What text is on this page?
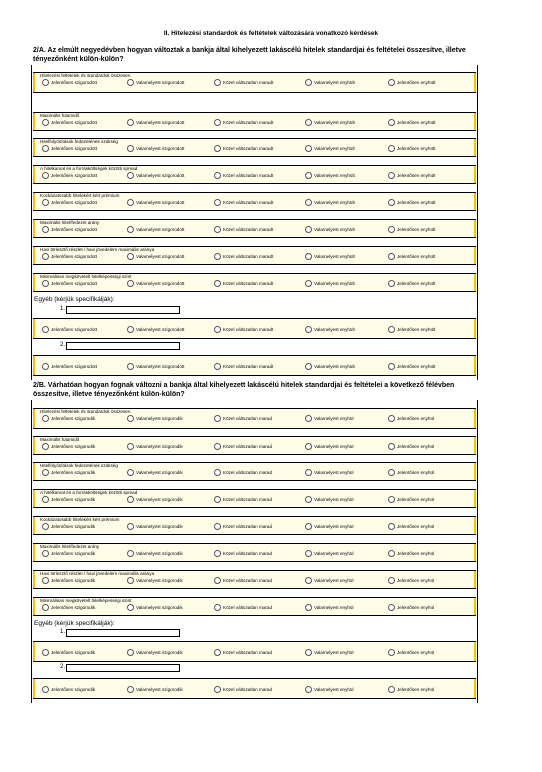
II. Hitelezési standardok és feltételek változására vonatkozó kérdések
2/A. Az elmúlt negyedévben hogyan változtak a bankja által kihelyezett lakáscélú hitelek standardjai és feltételei összesítve, illetve tényezőnként külön-külön?
Hitelezési feltételek és standardok összesen
Jelentősen szigorodott	Valamelyest szigorodott	Közel változatlan maradt	Valamelyest enyhült	Jelentősen enyhült
Maximális futamidő
Jelentősen szigorodott	Valamelyest szigorodott	Közel változatlan maradt	Valamelyest enyhült	Jelentősen enyhült
Hitelfolyósítások fedezetének szükség
Jelentősen szigorodott	Valamelyest szigorodott	Közel változatlan maradt	Valamelyest enyhült	Jelentősen enyhült
A hitelkamat és a forrásköltségek közötti spread
Jelentősen szigorodott	Valamelyest szigorodott	Közel változatlan maradt	Valamelyest enyhült	Jelentősen enyhült
Kockázatosabb hitelekért kért prémium
Jelentősen szigorodott	Valamelyest szigorodott	Közel változatlan maradt	Valamelyest enyhült	Jelentősen enyhült
Maximális hitel/fedezet arány
Jelentősen szigorodott	Valamelyest szigorodott	Közel változatlan maradt	Valamelyest enyhült	Jelentősen enyhült
Havi törlesztő részlet / havi jövedelem maximális aránya
Jelentősen szigorodott	Valamelyest szigorodott	Közel változatlan maradt	Valamelyest enyhült	Jelentősen enyhült
Minimálisan megkövetelt hitelképességi szint
Jelentősen szigorodott	Valamelyest szigorodott	Közel változatlan maradt	Valamelyest enyhült	Jelentősen enyhült
Egyéb (kérjük specifikálják):
1.
Jelentősen szigorodott	Valamelyest szigorodott	Közel változatlan maradt	Valamelyest enyhült	Jelentősen enyhült
2.
Jelentősen szigorodott	Valamelyest szigorodott	Közel változatlan maradt	Valamelyest enyhült	Jelentősen enyhült
2/B. Várhatóan hogyan fognak változni a bankja által kihelyezett lakáscélú hitelek standardjai és feltételei a következő félévben összesítve, illetve tényezőnként külön-külön?
Hitelezési feltételek és standardok összesen
Jelentősen szigorodik	Valamelyest szigorodik	Közel változatlan marad	Valamelyest enyhül	Jelentősen enyhül
Maximális futamidő
Jelentősen szigorodik	Valamelyest szigorodik	Közel változatlan marad	Valamelyest enyhül	Jelentősen enyhül
Hitelfolyósítások fedezetének szükség
Jelentősen szigorodik	Valamelyest szigorodik	Közel változatlan marad	Valamelyest enyhül	Jelentősen enyhül
A hitelkamat és a forrásköltségek közötti spread
Jelentősen szigorodik	Valamelyest szigorodik	Közel változatlan marad	Valamelyest enyhül	Jelentősen enyhül
Kockázatosabb hitelekért kért prémium
Jelentősen szigorodik	Valamelyest szigorodik	Közel változatlan marad	Valamelyest enyhül	Jelentősen enyhül
Maximális hitel/fedezet arány
Jelentősen szigorodik	Valamelyest szigorodik	Közel változatlan marad	Valamelyest enyhül	Jelentősen enyhül
Havi törlesztő részlet / havi jövedelem maximális aránya
Jelentősen szigorodik	Valamelyest szigorodik	Közel változatlan marad	Valamelyest enyhül	Jelentősen enyhül
Minimálisan megkövetelt hitelképességi szint
Jelentősen szigorodik	Valamelyest szigorodik	Közel változatlan marad	Valamelyest enyhül	Jelentősen enyhül
Egyéb (kérjük specifikálják):
1.
Jelentősen szigorodik	Valamelyest szigorodik	Közel változatlan marad	Valamelyest enyhül	Jelentősen enyhül
2.
Jelentősen szigorodik	Valamelyest szigorodik	Közel változatlan marad	Valamelyest enyhül	Jelentősen enyhül
